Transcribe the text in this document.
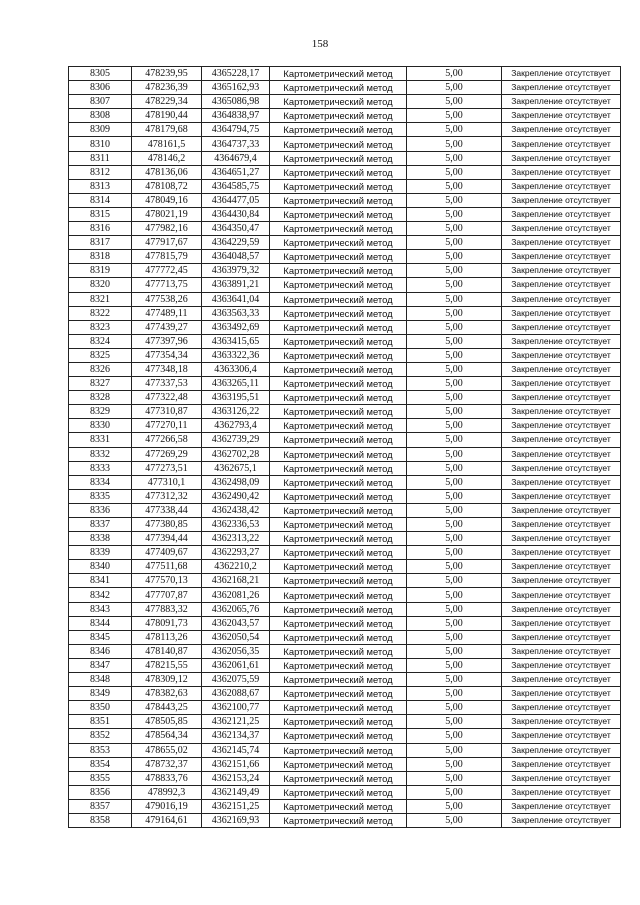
158
8305	478239,95	4365228,17	Картометрический метод	5,00	Закрепление отсутствует
8306	478236,39	4365162,93	Картометрический метод	5,00	Закрепление отсутствует
8307	478229,34	4365086,98	Картометрический метод	5,00	Закрепление отсутствует
8308	478190,44	4364838,97	Картометрический метод	5,00	Закрепление отсутствует
8309	478179,68	4364794,75	Картометрический метод	5,00	Закрепление отсутствует
8310	478161,5	4364737,33	Картометрический метод	5,00	Закрепление отсутствует
8311	478146,2	4364679,4	Картометрический метод	5,00	Закрепление отсутствует
8312	478136,06	4364651,27	Картометрический метод	5,00	Закрепление отсутствует
8313	478108,72	4364585,75	Картометрический метод	5,00	Закрепление отсутствует
8314	478049,16	4364477,05	Картометрический метод	5,00	Закрепление отсутствует
8315	478021,19	4364430,84	Картометрический метод	5,00	Закрепление отсутствует
8316	477982,16	4364350,47	Картометрический метод	5,00	Закрепление отсутствует
8317	477917,67	4364229,59	Картометрический метод	5,00	Закрепление отсутствует
8318	477815,79	4364048,57	Картометрический метод	5,00	Закрепление отсутствует
8319	477772,45	4363979,32	Картометрический метод	5,00	Закрепление отсутствует
8320	477713,75	4363891,21	Картометрический метод	5,00	Закрепление отсутствует
8321	477538,26	4363641,04	Картометрический метод	5,00	Закрепление отсутствует
8322	477489,11	4363563,33	Картометрический метод	5,00	Закрепление отсутствует
8323	477439,27	4363492,69	Картометрический метод	5,00	Закрепление отсутствует
8324	477397,96	4363415,65	Картометрический метод	5,00	Закрепление отсутствует
8325	477354,34	4363322,36	Картометрический метод	5,00	Закрепление отсутствует
8326	477348,18	4363306,4	Картометрический метод	5,00	Закрепление отсутствует
8327	477337,53	4363265,11	Картометрический метод	5,00	Закрепление отсутствует
8328	477322,48	4363195,51	Картометрический метод	5,00	Закрепление отсутствует
8329	477310,87	4363126,22	Картометрический метод	5,00	Закрепление отсутствует
8330	477270,11	4362793,4	Картометрический метод	5,00	Закрепление отсутствует
8331	477266,58	4362739,29	Картометрический метод	5,00	Закрепление отсутствует
8332	477269,29	4362702,28	Картометрический метод	5,00	Закрепление отсутствует
8333	477273,51	4362675,1	Картометрический метод	5,00	Закрепление отсутствует
8334	477310,1	4362498,09	Картометрический метод	5,00	Закрепление отсутствует
8335	477312,32	4362490,42	Картометрический метод	5,00	Закрепление отсутствует
8336	477338,44	4362438,42	Картометрический метод	5,00	Закрепление отсутствует
8337	477380,85	4362336,53	Картометрический метод	5,00	Закрепление отсутствует
8338	477394,44	4362313,22	Картометрический метод	5,00	Закрепление отсутствует
8339	477409,67	4362293,27	Картометрический метод	5,00	Закрепление отсутствует
8340	477511,68	4362210,2	Картометрический метод	5,00	Закрепление отсутствует
8341	477570,13	4362168,21	Картометрический метод	5,00	Закрепление отсутствует
8342	477707,87	4362081,26	Картометрический метод	5,00	Закрепление отсутствует
8343	477883,32	4362065,76	Картометрический метод	5,00	Закрепление отсутствует
8344	478091,73	4362043,57	Картометрический метод	5,00	Закрепление отсутствует
8345	478113,26	4362050,54	Картометрический метод	5,00	Закрепление отсутствует
8346	478140,87	4362056,35	Картометрический метод	5,00	Закрепление отсутствует
8347	478215,55	4362061,61	Картометрический метод	5,00	Закрепление отсутствует
8348	478309,12	4362075,59	Картометрический метод	5,00	Закрепление отсутствует
8349	478382,63	4362088,67	Картометрический метод	5,00	Закрепление отсутствует
8350	478443,25	4362100,77	Картометрический метод	5,00	Закрепление отсутствует
8351	478505,85	4362121,25	Картометрический метод	5,00	Закрепление отсутствует
8352	478564,34	4362134,37	Картометрический метод	5,00	Закрепление отсутствует
8353	478655,02	4362145,74	Картометрический метод	5,00	Закрепление отсутствует
8354	478732,37	4362151,66	Картометрический метод	5,00	Закрепление отсутствует
8355	478833,76	4362153,24	Картометрический метод	5,00	Закрепление отсутствует
8356	478992,3	4362149,49	Картометрический метод	5,00	Закрепление отсутствует
8357	479016,19	4362151,25	Картометрический метод	5,00	Закрепление отсутствует
8358	479164,61	4362169,93	Картометрический метод	5,00	Закрепление отсутствует
